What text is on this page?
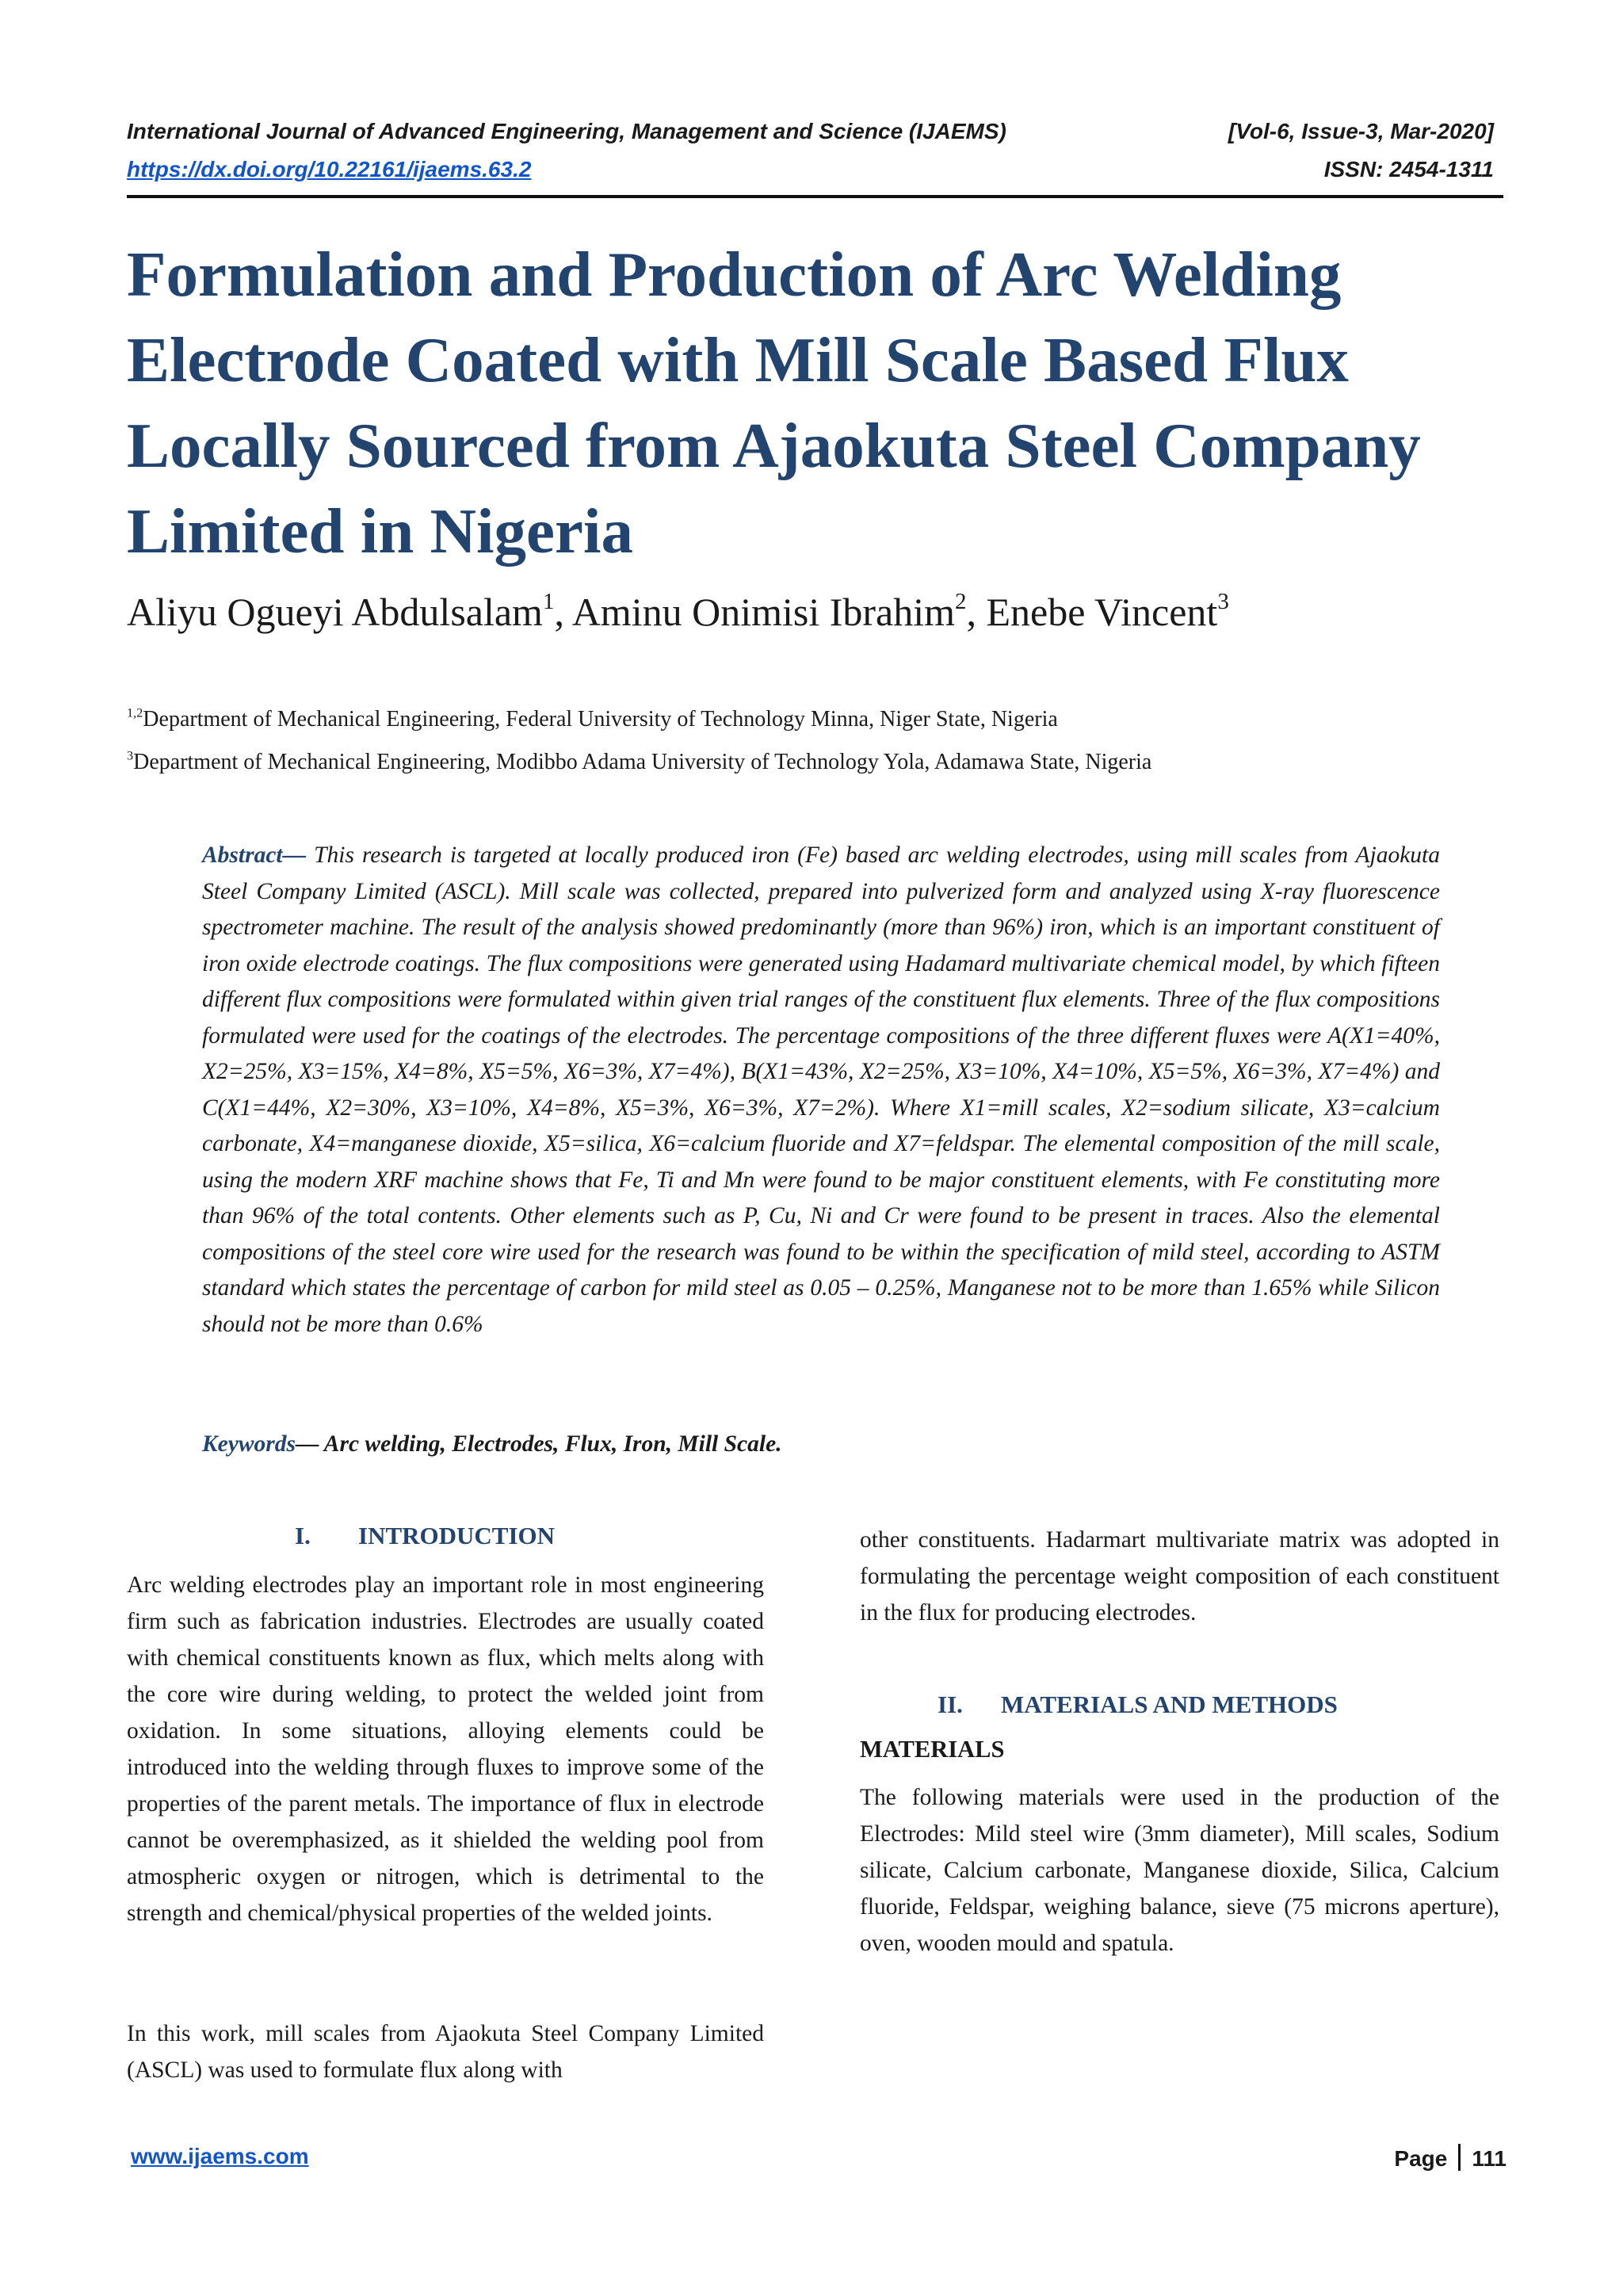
International Journal of Advanced Engineering, Management and Science (IJAEMS)	[Vol-6, Issue-3, Mar-2020]
https://dx.doi.org/10.22161/ijaems.63.2	ISSN: 2454-1311
Formulation and Production of Arc Welding Electrode Coated with Mill Scale Based Flux Locally Sourced from Ajaokuta Steel Company Limited in Nigeria
Aliyu Ogueyi Abdulsalam$^1$, Aminu Onimisi Ibrahim$^2$, Enebe Vincent$^3$
$^{1,2}$Department of Mechanical Engineering, Federal University of Technology Minna, Niger State, Nigeria
$^3$Department of Mechanical Engineering, Modibbo Adama University of Technology Yola, Adamawa State, Nigeria

Abstract— This research is targeted at locally produced iron (Fe) based arc welding electrodes, using mill scales from Ajaokuta Steel Company Limited (ASCL). Mill scale was collected, prepared into pulverized form and analyzed using X-ray fluorescence spectrometer machine. The result of the analysis showed predominantly (more than 96%) iron, which is an important constituent of iron oxide electrode coatings. The flux compositions were generated using Hadamard multivariate chemical model, by which fifteen different flux compositions were formulated within given trial ranges of the constituent flux elements. Three of the flux compositions formulated were used for the coatings of the electrodes. The percentage compositions of the three different fluxes were A(X1=40%, X2=25%, X3=15%, X4=8%, X5=5%, X6=3%, X7=4%), B(X1=43%, X2=25%, X3=10%, X4=10%, X5=5%, X6=3%, X7=4%) and C(X1=44%, X2=30%, X3=10%, X4=8%, X5=3%, X6=3%, X7=2%). Where X1=mill scales, X2=sodium silicate, X3=calcium carbonate, X4=manganese dioxide, X5=silica, X6=calcium fluoride and X7=feldspar. The elemental composition of the mill scale, using the modern XRF machine shows that Fe, Ti and Mn were found to be major constituent elements, with Fe constituting more than 96% of the total contents. Other elements such as P, Cu, Ni and Cr were found to be present in traces. Also the elemental compositions of the steel core wire used for the research was found to be within the specification of mild steel, according to ASTM standard which states the percentage of carbon for mild steel as 0.05 – 0.25%, Manganese not to be more than 1.65% while Silicon should not be more than 0.6%

Keywords— Arc welding, Electrodes, Flux, Iron, Mill Scale.
I. INTRODUCTION

Arc welding electrodes play an important role in most engineering firm such as fabrication industries. Electrodes are usually coated with chemical constituents known as flux, which melts along with the core wire during welding, to protect the welded joint from oxidation. In some situations, alloying elements could be introduced into the welding through fluxes to improve some of the properties of the parent metals. The importance of flux in electrode cannot be overemphasized, as it shielded the welding pool from atmospheric oxygen or nitrogen, which is detrimental to the strength and chemical/physical properties of the welded joints.

In this work, mill scales from Ajaokuta Steel Company Limited (ASCL) was used to formulate flux along with

other constituents. Hadarmart multivariate matrix was adopted in formulating the percentage weight composition of each constituent in the flux for producing electrodes.

II. MATERIALS AND METHODS
MATERIALS

The following materials were used in the production of the Electrodes: Mild steel wire (3mm diameter), Mill scales, Sodium silicate, Calcium carbonate, Manganese dioxide, Silica, Calcium fluoride, Feldspar, weighing balance, sieve (75 microns aperture), oven, wooden mould and spatula.

www.ijaems.com	Page 111
